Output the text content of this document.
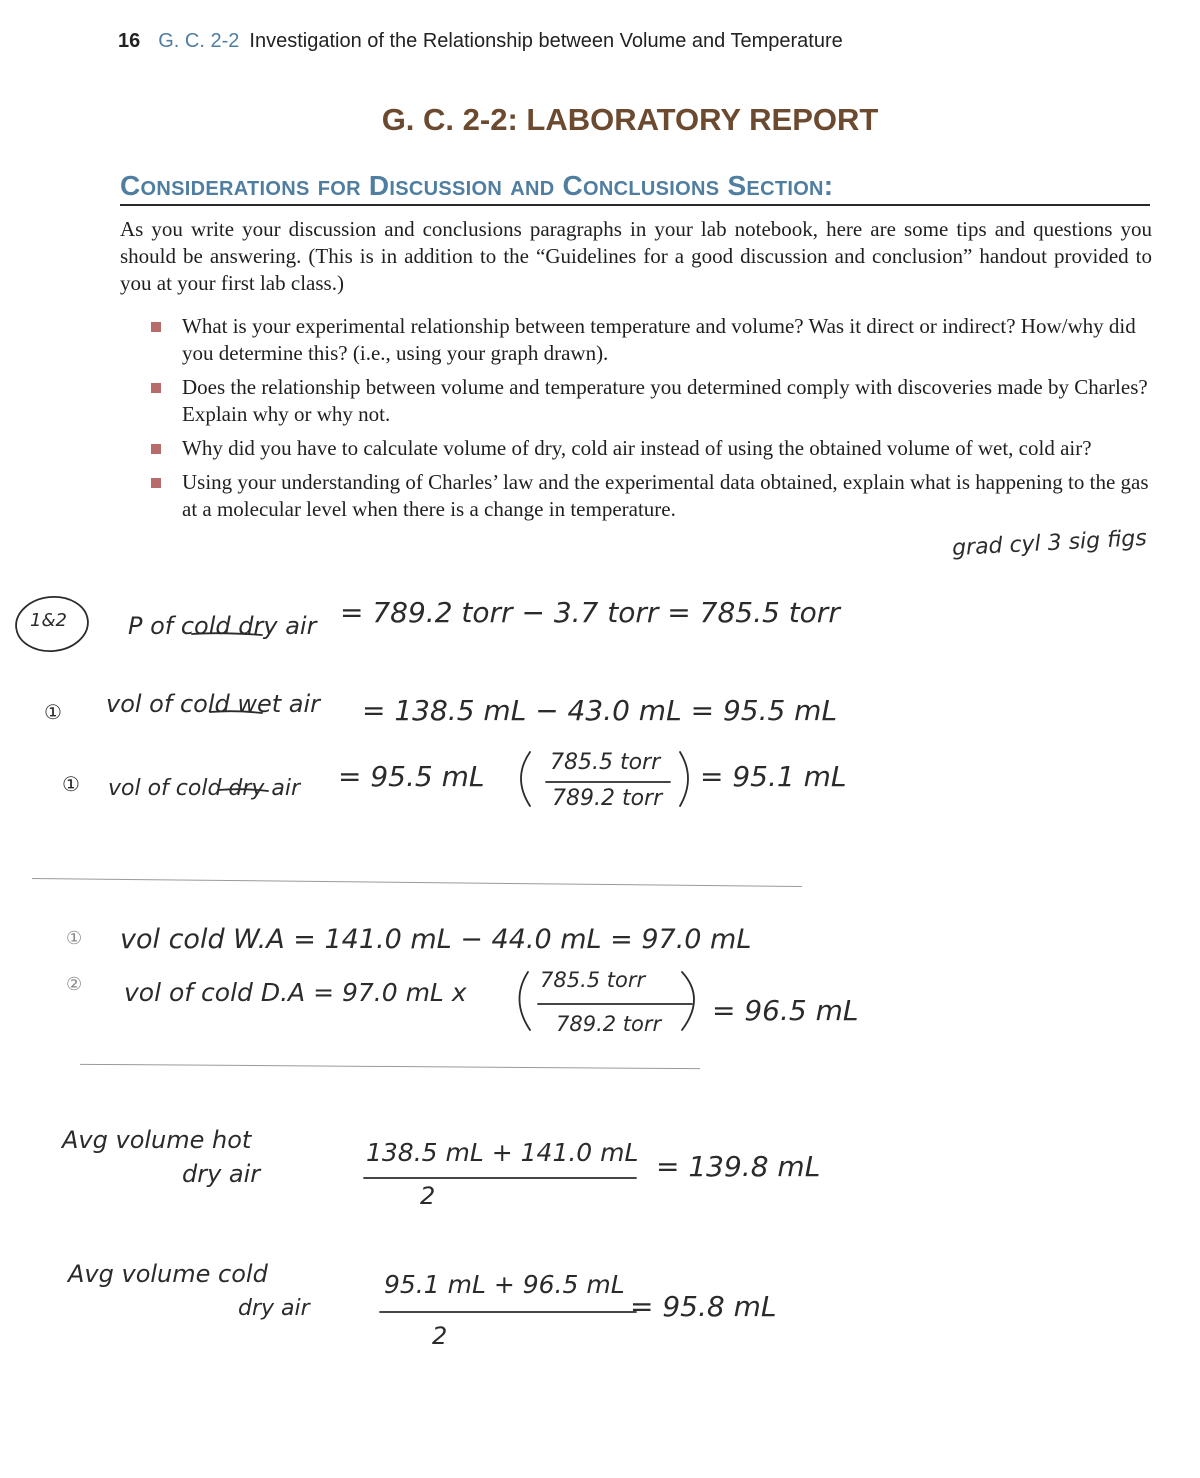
16 G. C. 2-2 Investigation of the Relationship between Volume and Temperature
G. C. 2-2: LABORATORY REPORT
Considerations for Discussion and Conclusions Section:
As you write your discussion and conclusions paragraphs in your lab notebook, here are some tips and questions you should be answering. (This is in addition to the “Guidelines for a good discussion and conclusion” handout provided to you at your first lab class.)
What is your experimental relationship between temperature and volume? Was it direct or indirect? How/why did you determine this? (i.e., using your graph drawn).
Does the relationship between volume and temperature you determined comply with discoveries made by Charles? Explain why or why not.
Why did you have to calculate volume of dry, cold air instead of using the obtained volume of wet, cold air?
Using your understanding of Charles’ law and the experimental data obtained, explain what is happening to the gas at a molecular level when there is a change in temperature.
grad cyl 3 sig figs
1&2	P of cold dry air = 789.2 torr − 3.7 torr = 785.5 torr
① vol of cold wet air = 138.5 mL − 43.0 mL = 95.5 mL
① vol of cold dry air = 95.5 mL	785.5 torr
789.2 torr
= 95.1 mL
①
②
vol cold W.A = 141.0 mL − 44.0 mL = 97.0 mL
vol of cold D.A = 97.0 mL x	785.5 torr
789.2 torr = 96.5 mL
Avg volume hot
dry air
138.5 mL + 141.0 mL
2
= 139.8 mL
Avg volume cold
dry air
95.1 mL + 96.5 mL
2
= 95.8 mL
